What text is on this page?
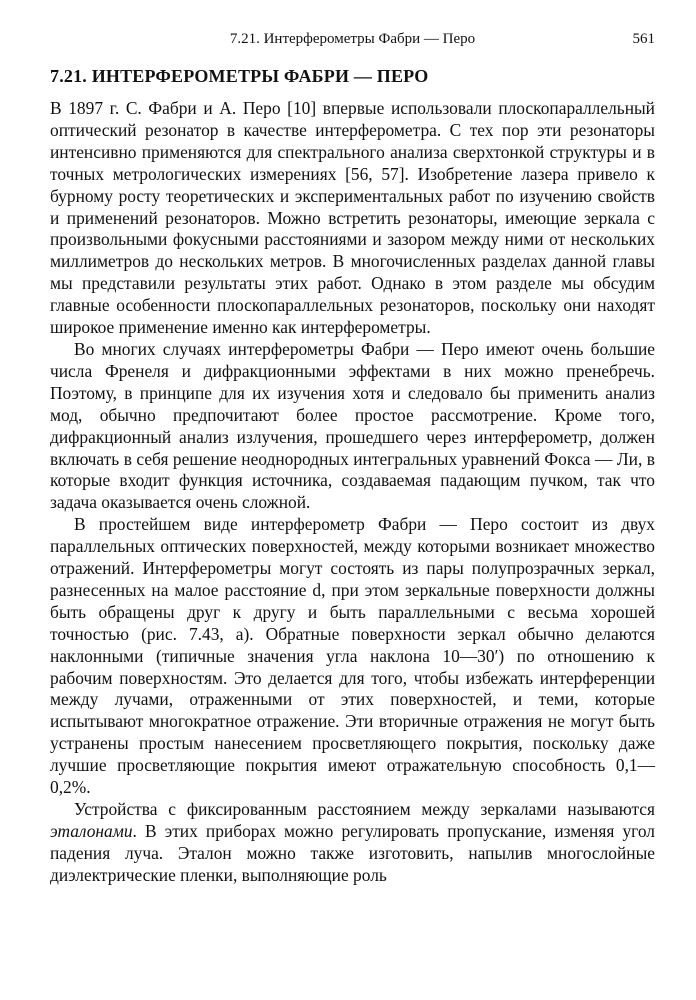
7.21. Интерферометры Фабри — Перо	561
7.21. ИНТЕРФЕРОМЕТРЫ ФАБРИ — ПЕРО

В 1897 г. С. Фабри и А. Перо [10] впервые использовали плоскопараллельный оптический резонатор в качестве интерферометра. С тех пор эти резонаторы интенсивно применяются для спектрального анализа сверхтонкой структуры и в точных метрологических измерениях [56, 57]. Изобретение лазера привело к бурному росту теоретических и экспериментальных работ по изучению свойств и применений резонаторов. Можно встретить резонаторы, имеющие зеркала с произвольными фокусными расстояниями и зазором между ними от нескольких миллиметров до нескольких метров. В многочисленных разделах данной главы мы представили результаты этих работ. Однако в этом разделе мы обсудим главные особенности плоскопараллельных резонаторов, поскольку они находят широкое применение именно как интерферометры.

Во многих случаях интерферометры Фабри — Перо имеют очень большие числа Френеля и дифракционными эффектами в них можно пренебречь. Поэтому, в принципе для их изучения хотя и следовало бы применить анализ мод, обычно предпочитают более простое рассмотрение. Кроме того, дифракционный анализ излучения, прошедшего через интерферометр, должен включать в себя решение неоднородных интегральных уравнений Фокса — Ли, в которые входит функция источника, создаваемая падающим пучком, так что задача оказывается очень сложной.

В простейшем виде интерферометр Фабри — Перо состоит из двух параллельных оптических поверхностей, между которыми возникает множество отражений. Интерферометры могут состоять из пары полупрозрачных зеркал, разнесенных на малое расстояние d, при этом зеркальные поверхности должны быть обращены друг к другу и быть параллельными с весьма хорошей точностью (рис. 7.43, а). Обратные поверхности зеркал обычно делаются наклонными (типичные значения угла наклона 10—30′) по отношению к рабочим поверхностям. Это делается для того, чтобы избежать интерференции между лучами, отраженными от этих поверхностей, и теми, которые испытывают многократное отражение. Эти вторичные отражения не могут быть устранены простым нанесением просветляющего покрытия, поскольку даже лучшие просветляющие покрытия имеют отражательную способность 0,1—0,2%.

Устройства с фиксированным расстоянием между зеркалами называются эталонами. В этих приборах можно регулировать пропускание, изменяя угол падения луча. Эталон можно также изготовить, напылив многослойные диэлектрические пленки, выполняющие роль
